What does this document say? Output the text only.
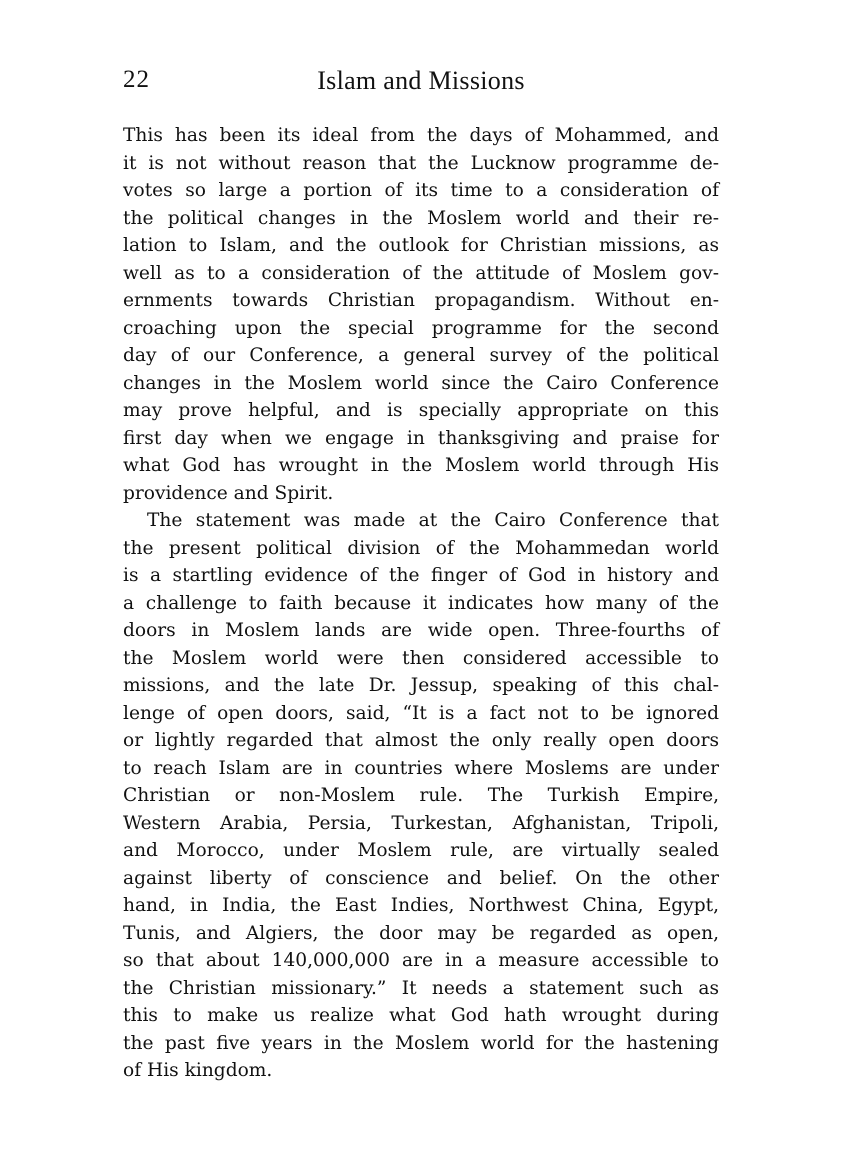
22	Islam and Missions

This has been its ideal from the days of Mohammed, and
it is not without reason that the Lucknow programme de-
votes so large a portion of its time to a consideration of
the political changes in the Moslem world and their re-
lation to Islam, and the outlook for Christian missions, as
well as to a consideration of the attitude of Moslem gov-
ernments towards Christian propagandism. Without en-
croaching upon the special programme for the second
day of our Conference, a general survey of the political
changes in the Moslem world since the Cairo Conference
may prove helpful, and is specially appropriate on this
first day when we engage in thanksgiving and praise for
what God has wrought in the Moslem world through His
providence and Spirit.

The statement was made at the Cairo Conference that
the present political division of the Mohammedan world
is a startling evidence of the finger of God in history and
a challenge to faith because it indicates how many of the
doors in Moslem lands are wide open. Three-fourths of
the Moslem world were then considered accessible to
missions, and the late Dr. Jessup, speaking of this chal-
lenge of open doors, said, “It is a fact not to be ignored
or lightly regarded that almost the only really open doors
to reach Islam are in countries where Moslems are under
Christian or non-Moslem rule. The Turkish Empire,
Western Arabia, Persia, Turkestan, Afghanistan, Tripoli,
and Morocco, under Moslem rule, are virtually sealed
against liberty of conscience and belief. On the other
hand, in India, the East Indies, Northwest China, Egypt,
Tunis, and Algiers, the door may be regarded as open,
so that about 140,000,000 are in a measure accessible to
the Christian missionary.” It needs a statement such as
this to make us realize what God hath wrought during
the past five years in the Moslem world for the hastening
of His kingdom.
